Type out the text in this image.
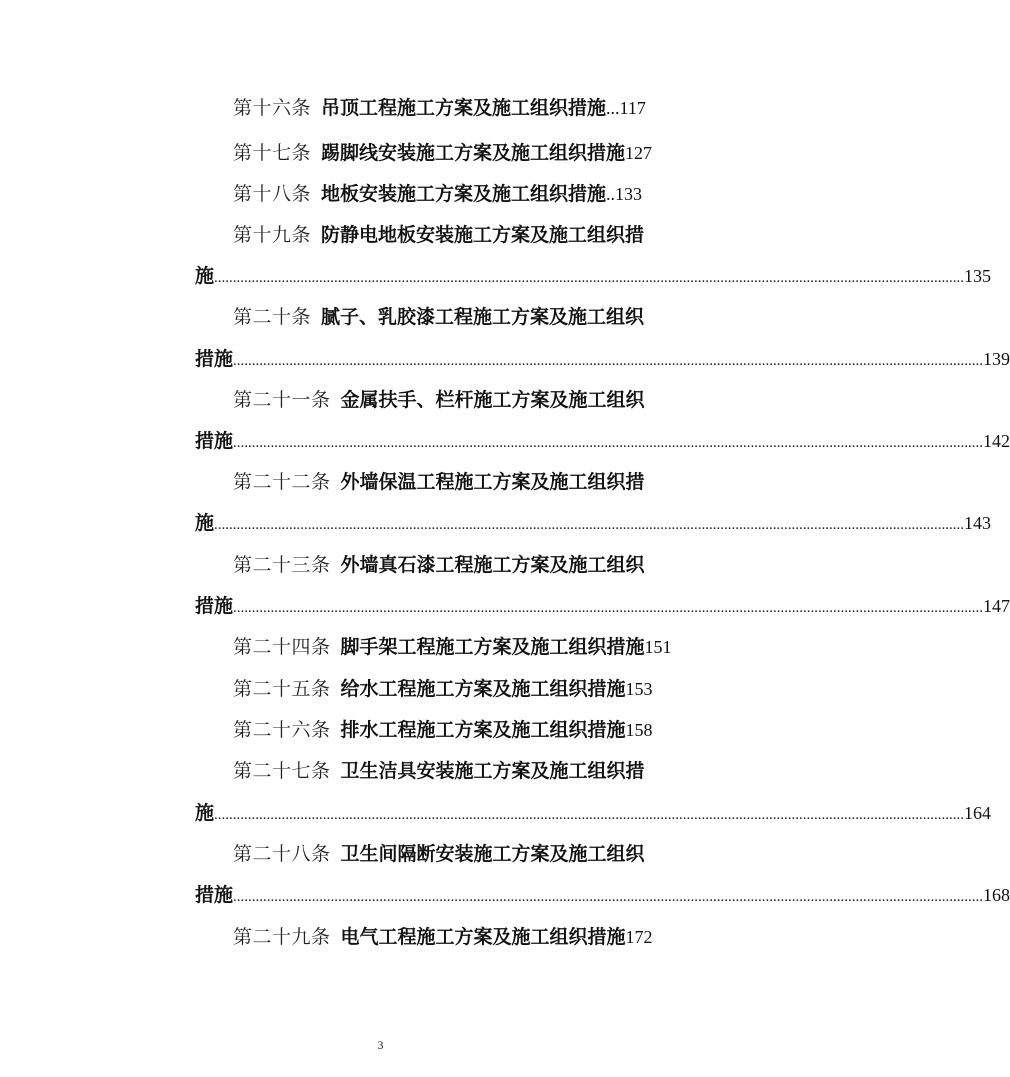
第十六条 吊顶工程施工方案及施工组织措施...117
第十七条 踢脚线安装施工方案及施工组织措施127
第十八条 地板安装施工方案及施工组织措施..133
第十九条 防静电地板安装施工方案及施工组织措
施 ........................................................................................................................................................................................................ 135
第二十条 腻子、乳胶漆工程施工方案及施工组织
措施 ........................................................................................................................................................................................................ 139
第二十一条 金属扶手、栏杆施工方案及施工组织
措施 ........................................................................................................................................................................................................ 142
第二十二条 外墙保温工程施工方案及施工组织措
施 ........................................................................................................................................................................................................ 143
第二十三条 外墙真石漆工程施工方案及施工组织
措施 ........................................................................................................................................................................................................ 147
第二十四条 脚手架工程施工方案及施工组织措施151
第二十五条 给水工程施工方案及施工组织措施153
第二十六条 排水工程施工方案及施工组织措施158
第二十七条 卫生洁具安装施工方案及施工组织措
施 ........................................................................................................................................................................................................ 164
第二十八条 卫生间隔断安装施工方案及施工组织
措施 ........................................................................................................................................................................................................ 168
第二十九条 电气工程施工方案及施工组织措施172
3
